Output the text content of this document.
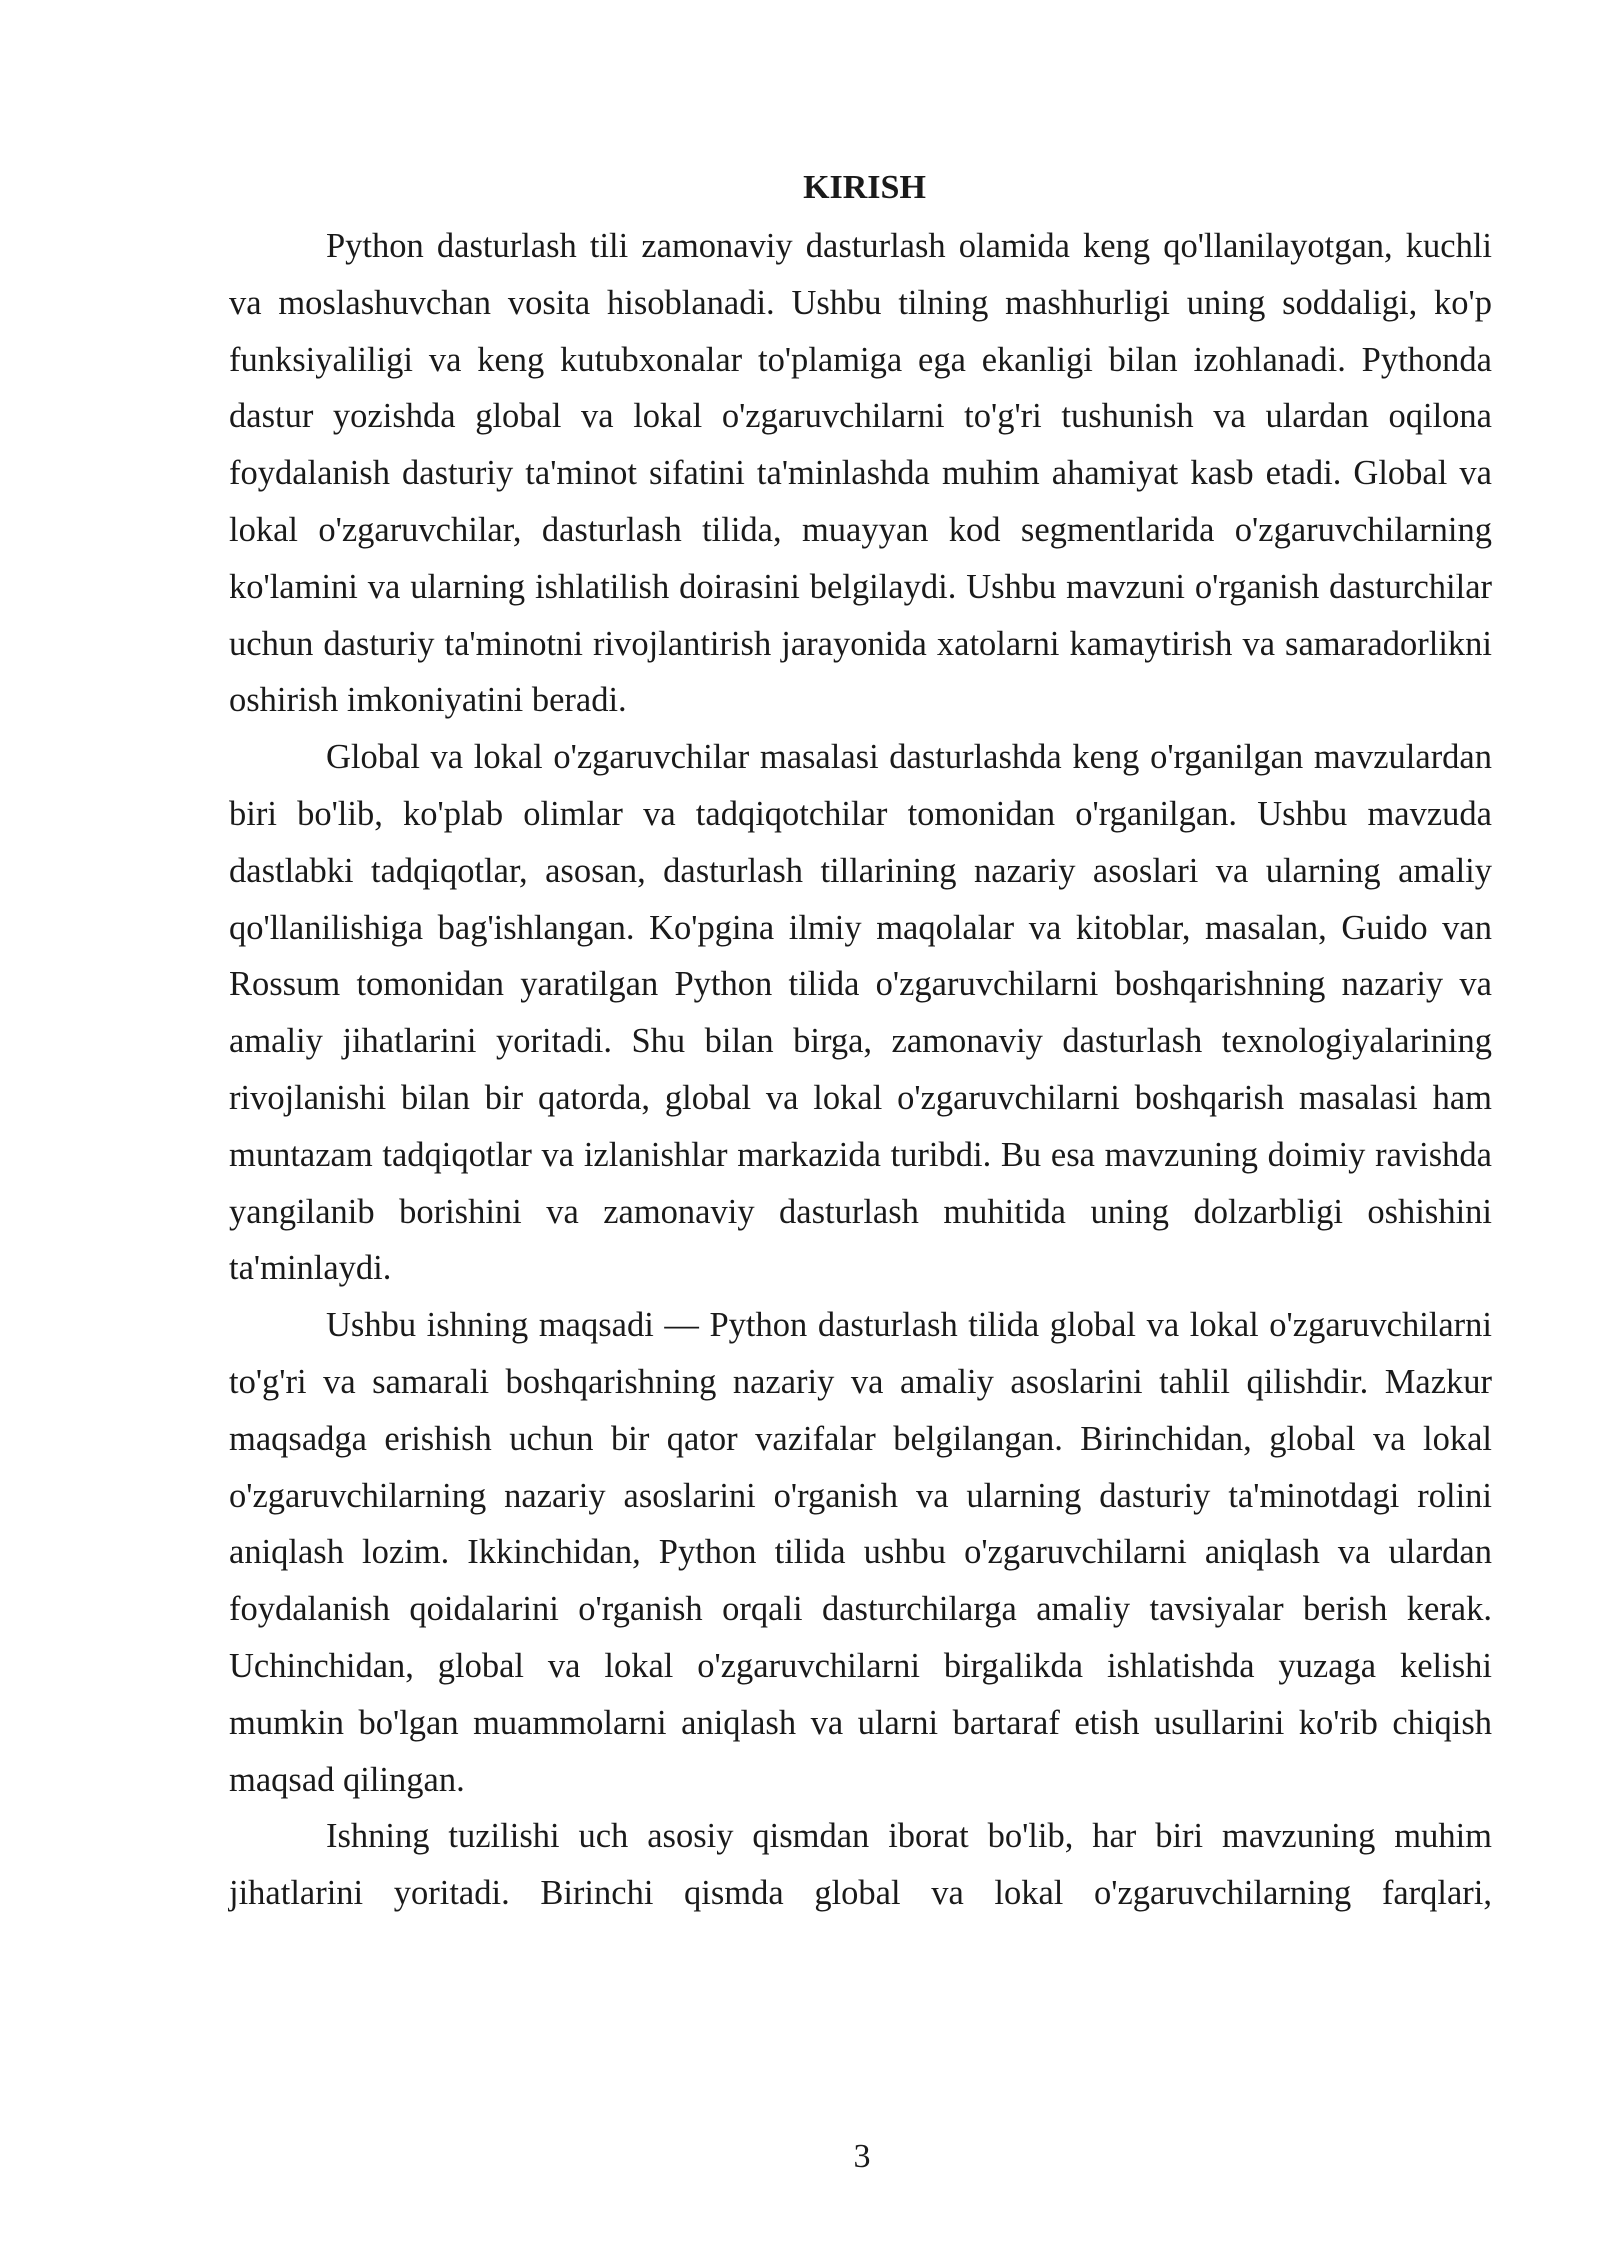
KIRISH

Python dasturlash tili zamonaviy dasturlash olamida keng qo'llanilayotgan, kuchli va moslashuvchan vosita hisoblanadi. Ushbu tilning mashhurligi uning soddaligi, ko'p funksiyaliligi va keng kutubxonalar to'plamiga ega ekanligi bilan izohlanadi. Pythonda dastur yozishda global va lokal o'zgaruvchilarni to'g'ri tushunish va ulardan oqilona foydalanish dasturiy ta'minot sifatini ta'minlashda muhim ahamiyat kasb etadi. Global va lokal o'zgaruvchilar, dasturlash tilida, muayyan kod segmentlarida o'zgaruvchilarning ko'lamini va ularning ishlatilish doirasini belgilaydi. Ushbu mavzuni o'rganish dasturchilar uchun dasturiy ta'minotni rivojlantirish jarayonida xatolarni kamaytirish va samaradorlikni oshirish imkoniyatini beradi.

Global va lokal o'zgaruvchilar masalasi dasturlashda keng o'rganilgan mavzulardan biri bo'lib, ko'plab olimlar va tadqiqotchilar tomonidan o'rganilgan. Ushbu mavzuda dastlabki tadqiqotlar, asosan, dasturlash tillarining nazariy asoslari va ularning amaliy qo'llanilishiga bag'ishlangan. Ko'pgina ilmiy maqolalar va kitoblar, masalan, Guido van Rossum tomonidan yaratilgan Python tilida o'zgaruvchilarni boshqarishning nazariy va amaliy jihatlarini yoritadi. Shu bilan birga, zamonaviy dasturlash texnologiyalarining rivojlanishi bilan bir qatorda, global va lokal o'zgaruvchilarni boshqarish masalasi ham muntazam tadqiqotlar va izlanishlar markazida turibdi. Bu esa mavzuning doimiy ravishda yangilanib borishini va zamonaviy dasturlash muhitida uning dolzarbligi oshishini ta'minlaydi.

Ushbu ishning maqsadi — Python dasturlash tilida global va lokal o'zgaruvchilarni to'g'ri va samarali boshqarishning nazariy va amaliy asoslarini tahlil qilishdir. Mazkur maqsadga erishish uchun bir qator vazifalar belgilangan. Birinchidan, global va lokal o'zgaruvchilarning nazariy asoslarini o'rganish va ularning dasturiy ta'minotdagi rolini aniqlash lozim. Ikkinchidan, Python tilida ushbu o'zgaruvchilarni aniqlash va ulardan foydalanish qoidalarini o'rganish orqali dasturchilarga amaliy tavsiyalar berish kerak. Uchinchidan, global va lokal o'zgaruvchilarni birgalikda ishlatishda yuzaga kelishi mumkin bo'lgan muammolarni aniqlash va ularni bartaraf etish usullarini ko'rib chiqish maqsad qilingan.

Ishning tuzilishi uch asosiy qismdan iborat bo'lib, har biri mavzuning muhim jihatlarini yoritadi. Birinchi qismda global va lokal o'zgaruvchilarning farqlari,

3
